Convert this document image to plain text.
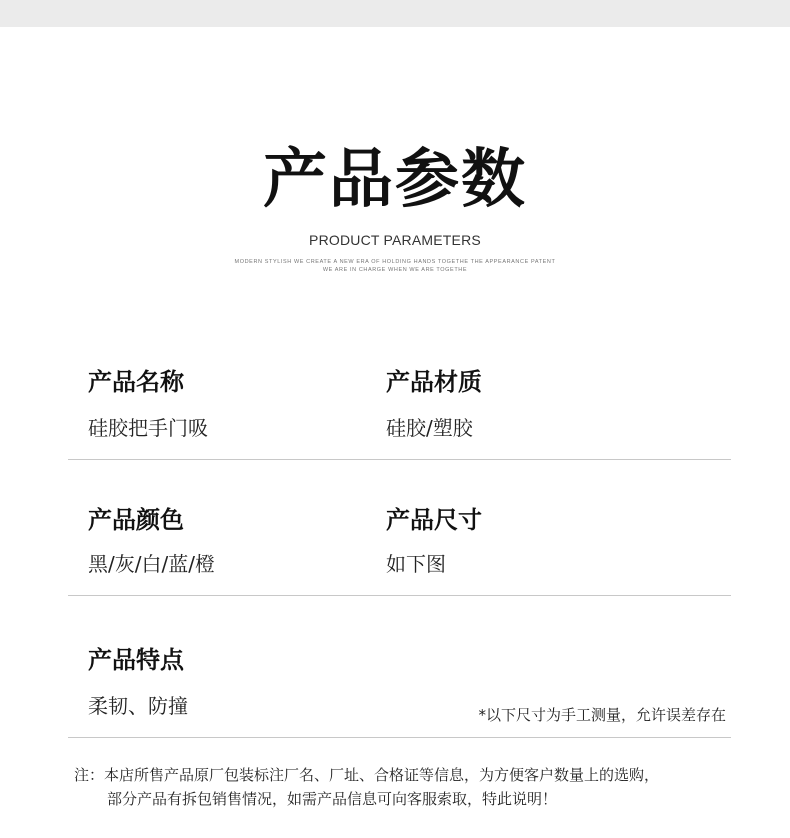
产品参数
PRODUCT PARAMETERS
MODERN STYLISH WE CREATE A NEW ERA OF HOLDING HANDS TOGETHE THE APPEARANCE PATENT
WE ARE IN CHARGE WHEN WE ARE TOGETHE
产品名称
硅胶把手门吸
产品材质
硅胶/塑胶
产品颜色
黑/灰/白/蓝/橙
产品尺寸
如下图
产品特点
柔韧、防撞	*以下尺寸为手工测量，允许误差存在
注：本店所售产品原厂包装标注厂名、厂址、合格证等信息，为方便客户数量上的选购，
部分产品有拆包销售情况，如需产品信息可向客服索取，特此说明！
